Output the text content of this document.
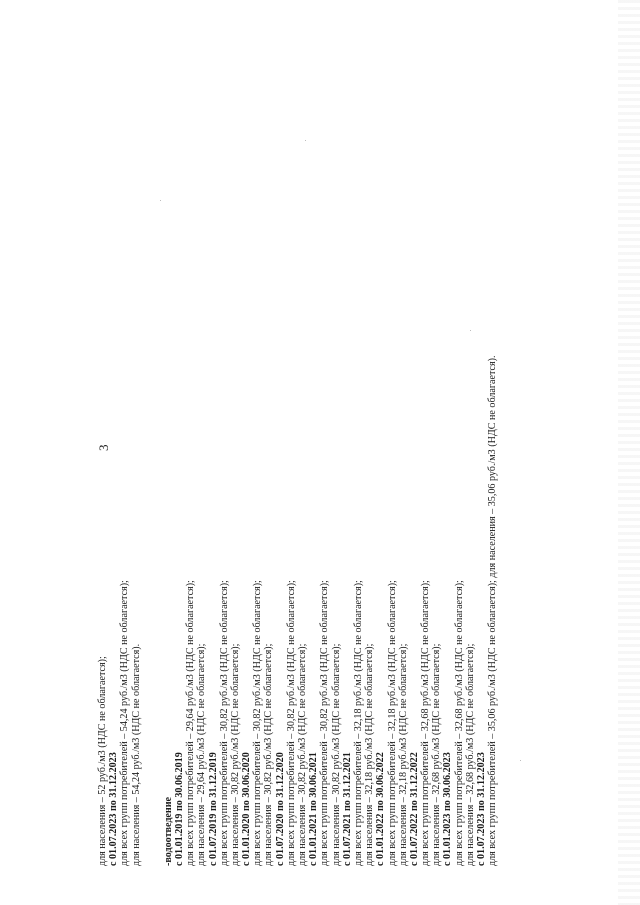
3
для населения – 52 руб./м3 (НДС не облагается); с 01.07.2023 по 31.12.2023 для всех групп потребителей – 54,24 руб./м3 (НДС не облагается); для населения – 54,24 руб./м3 (НДС не облагается). -водоотведение с 01.01.2019 по 30.06.2019 для всех групп потребителей – 29,64 руб./м3 (НДС не облагается); для населения – 29,64 руб./м3 (НДС не облагается); с 01.07.2019 по 31.12.2019 для всех групп потребителей – 30,82 руб./м3 (НДС не облагается); для населения – 30,82 руб./м3 (НДС не облагается); с 01.01.2020 по 30.06.2020 для всех групп потребителей – 30,82 руб./м3 (НДС не облагается); для населения – 30,82 руб./м3 (НДС не облагается); с 01.07.2020 по 31.12.2020 для всех групп потребителей – 30,82 руб./м3 (НДС не облагается); для населения – 30,82 руб./м3 (НДС не облагается); с 01.01.2021 по 30.06.2021 для всех групп потребителей – 30,82 руб./м3 (НДС не облагается); для населения – 30,82 руб./м3 (НДС не облагается); с 01.07.2021 по 31.12.2021 для всех групп потребителей – 32,18 руб./м3 (НДС не облагается); для населения – 32,18 руб./м3 (НДС не облагается); с 01.01.2022 по 30.06.2022 для всех групп потребителей – 32,18 руб./м3 (НДС не облагается); для населения – 32,18 руб./м3 (НДС не облагается); с 01.07.2022 по 31.12.2022 для всех групп потребителей – 32,68 руб./м3 (НДС не облагается); для населения – 32,68 руб./м3 (НДС не облагается); с 01.01.2023 по 30.06.2023 для всех групп потребителей – 32,68 руб./м3 (НДС не облагается); для населения – 32,68 руб./м3 (НДС не облагается); с 01.07.2023 по 31.12.2023 для всех групп потребителей – 35,06 руб./м3 (НДС не облагается); для населения – 35,06 руб./м3 (НДС не облагается).
